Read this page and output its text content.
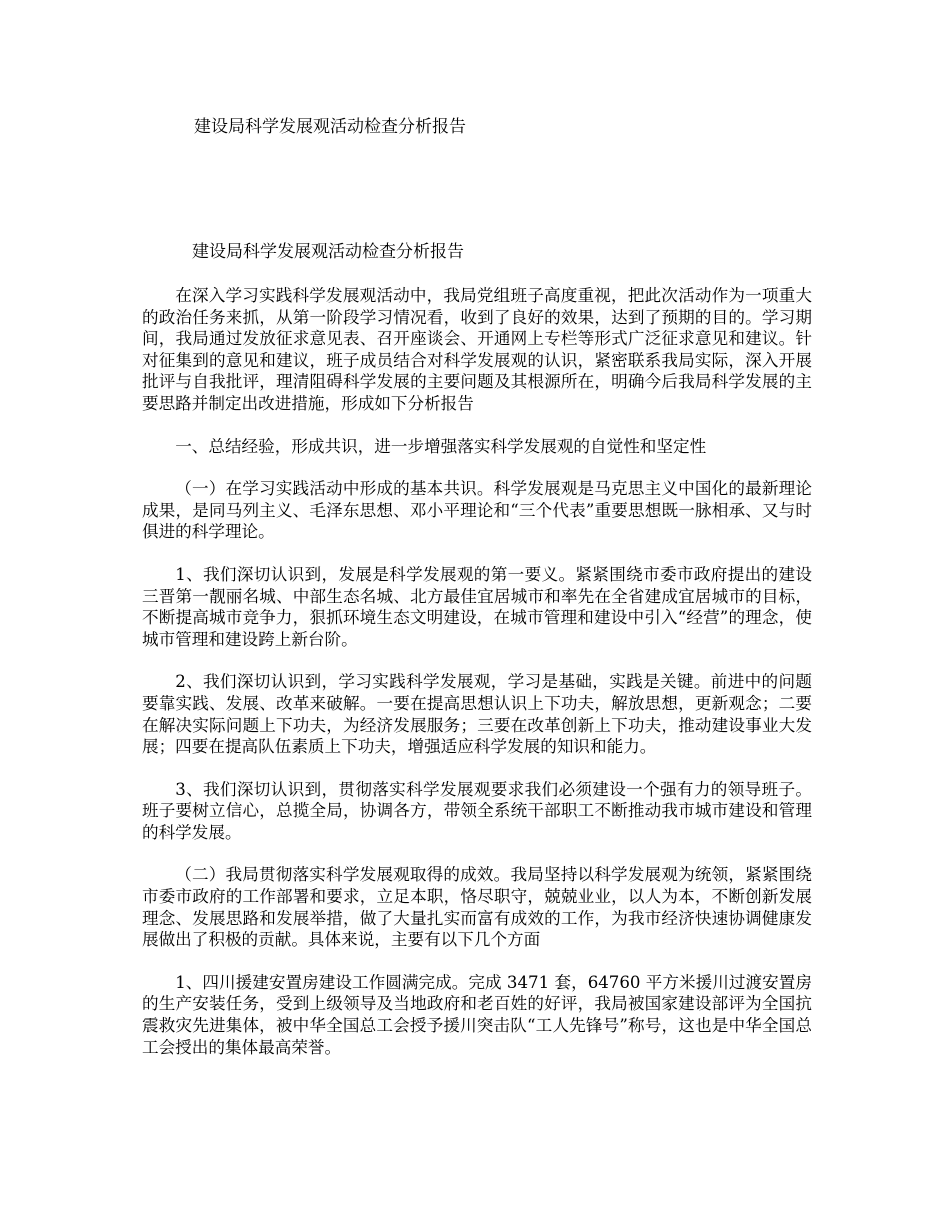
建设局科学发展观活动检查分析报告
建设局科学发展观活动检查分析报告

在深入学习实践科学发展观活动中，我局党组班子高度重视，把此次活动作为一项重大的政治任务来抓，从第一阶段学习情况看，收到了良好的效果，达到了预期的目的。学习期间，我局通过发放征求意见表、召开座谈会、开通网上专栏等形式广泛征求意见和建议。针对征集到的意见和建议，班子成员结合对科学发展观的认识，紧密联系我局实际，深入开展批评与自我批评，理清阻碍科学发展的主要问题及其根源所在，明确今后我局科学发展的主要思路并制定出改进措施，形成如下分析报告

一、总结经验，形成共识，进一步增强落实科学发展观的自觉性和坚定性

（一）在学习实践活动中形成的基本共识。科学发展观是马克思主义中国化的最新理论成果，是同马列主义、毛泽东思想、邓小平理论和“三个代表”重要思想既一脉相承、又与时俱进的科学理论。

1、我们深切认识到，发展是科学发展观的第一要义。紧紧围绕市委市政府提出的建设三晋第一靓丽名城、中部生态名城、北方最佳宜居城市和率先在全省建成宜居城市的目标，不断提高城市竞争力，狠抓环境生态文明建设，在城市管理和建设中引入“经营”的理念，使城市管理和建设跨上新台阶。

2、我们深切认识到，学习实践科学发展观，学习是基础，实践是关键。前进中的问题要靠实践、发展、改革来破解。一要在提高思想认识上下功夫，解放思想，更新观念；二要在解决实际问题上下功夫，为经济发展服务；三要在改革创新上下功夫，推动建设事业大发展；四要在提高队伍素质上下功夫，增强适应科学发展的知识和能力。

3、我们深切认识到，贯彻落实科学发展观要求我们必须建设一个强有力的领导班子。班子要树立信心，总揽全局，协调各方，带领全系统干部职工不断推动我市城市建设和管理的科学发展。

（二）我局贯彻落实科学发展观取得的成效。我局坚持以科学发展观为统领，紧紧围绕市委市政府的工作部署和要求，立足本职，恪尽职守，兢兢业业，以人为本，不断创新发展理念、发展思路和发展举措，做了大量扎实而富有成效的工作，为我市经济快速协调健康发展做出了积极的贡献。具体来说，主要有以下几个方面

1、四川援建安置房建设工作圆满完成。完成 3471 套，64760 平方米援川过渡安置房的生产安装任务，受到上级领导及当地政府和老百姓的好评，我局被国家建设部评为全国抗震救灾先进集体，被中华全国总工会授予援川突击队“工人先锋号”称号，这也是中华全国总工会授出的集体最高荣誉。
